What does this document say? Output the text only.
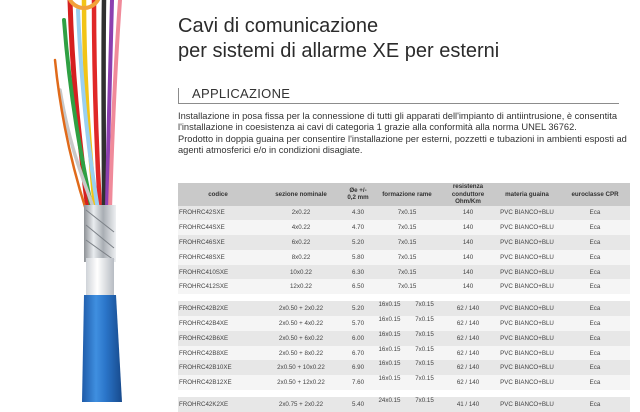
Cavi di comunicazione
per sistemi di allarme XE per esterni
APPLICAZIONE

Installazione in posa fissa per la connessione di tutti gli apparati dell'impianto di antiintrusione, è consentita l'installazione in coesistenza ai cavi di categoria 1 grazie alla conformità alla norma UNEL 36762.

Prodotto in doppia guaina per consentire l'installazione per esterni, pozzetti e tubazioni in ambienti esposti ad agenti atmosferici e/o in condizioni disagiate.

codice	sezione nominale	Øe +/- 0,2 mm	formazione rame	resistenza conduttore Ohm/Km	materia guaina	euroclasse CPR
FROHRC42SXE	2x0.22	4.30	7x0.15	140	PVC BIANCO+BLU	Eca
FROHRC44SXE	4x0.22	4.70	7x0.15	140	PVC BIANCO+BLU	Eca
FROHRC46SXE	6x0.22	5.20	7x0.15	140	PVC BIANCO+BLU	Eca
FROHRC48SXE	8x0.22	5.80	7x0.15	140	PVC BIANCO+BLU	Eca
FROHRC410SXE	10x0.22	6.30	7x0.15	140	PVC BIANCO+BLU	Eca
FROHRC412SXE	12x0.22	6.50	7x0.15	140	PVC BIANCO+BLU	Eca

FROHRC42B2XE	2x0.50 + 2x0.22	5.20	16x0.15 7x0.15	62 / 140	PVC BIANCO+BLU	Eca
FROHRC42B4XE	2x0.50 + 4x0.22	5.70	16x0.15 7x0.15	62 / 140	PVC BIANCO+BLU	Eca
FROHRC42B6XE	2x0.50 + 6x0.22	6.00	16x0.15 7x0.15	62 / 140	PVC BIANCO+BLU	Eca
FROHRC42B8XE	2x0.50 + 8x0.22	6.70	16x0.15 7x0.15	62 / 140	PVC BIANCO+BLU	Eca
FROHRC42B10XE	2x0.50 + 10x0.22	6.90	16x0.15 7x0.15	62 / 140	PVC BIANCO+BLU	Eca
FROHRC42B12XE	2x0.50 + 12x0.22	7.60	16x0.15 7x0.15	62 / 140	PVC BIANCO+BLU	Eca

FROHRC42K2XE	2x0.75 + 2x0.22	5.40	24x0.15 7x0.15	41 / 140	PVC BIANCO+BLU	Eca
